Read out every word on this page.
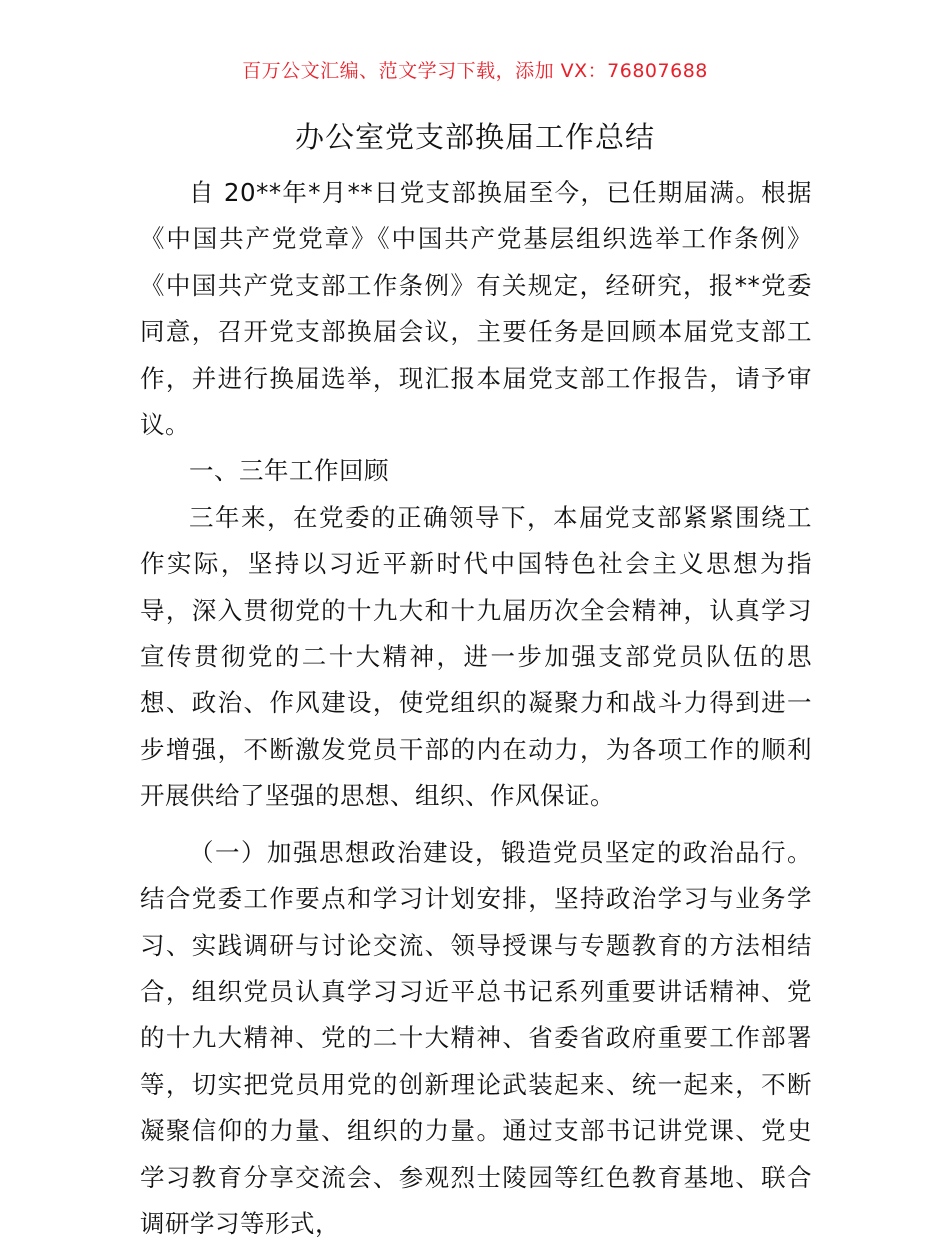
百万公文汇编、范文学习下载，添加 VX：76807688
办公室党支部换届工作总结

自 20**年*月**日党支部换届至今，已任期届满。根据《中国共产党党章》《中国共产党基层组织选举工作条例》《中国共产党支部工作条例》有关规定，经研究，报**党委同意，召开党支部换届会议，主要任务是回顾本届党支部工作，并进行换届选举，现汇报本届党支部工作报告，请予审议。

一、三年工作回顾

三年来，在党委的正确领导下，本届党支部紧紧围绕工作实际，坚持以习近平新时代中国特色社会主义思想为指导，深入贯彻党的十九大和十九届历次全会精神，认真学习宣传贯彻党的二十大精神，进一步加强支部党员队伍的思想、政治、作风建设，使党组织的凝聚力和战斗力得到进一步增强，不断激发党员干部的内在动力，为各项工作的顺利开展供给了坚强的思想、组织、作风保证。

（一）加强思想政治建设，锻造党员坚定的政治品行。结合党委工作要点和学习计划安排，坚持政治学习与业务学习、实践调研与讨论交流、领导授课与专题教育的方法相结合，组织党员认真学习习近平总书记系列重要讲话精神、党的十九大精神、党的二十大精神、省委省政府重要工作部署等，切实把党员用党的创新理论武装起来、统一起来，不断凝聚信仰的力量、组织的力量。通过支部书记讲党课、党史学习教育分享交流会、参观烈士陵园等红色教育基地、联合调研学习等形式，
